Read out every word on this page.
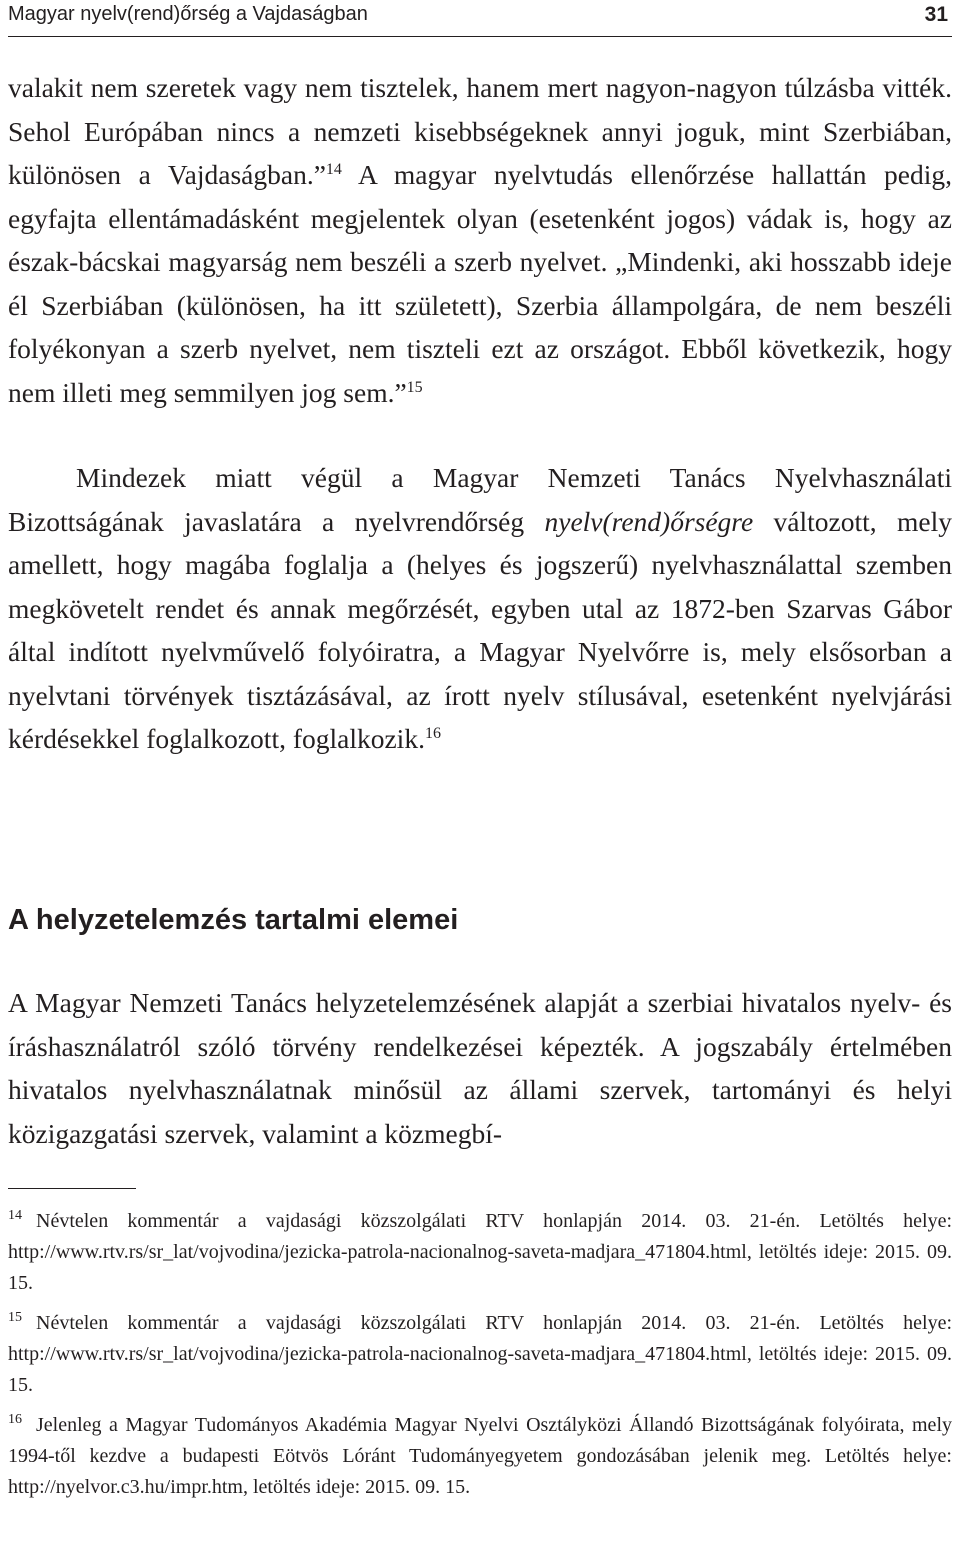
Magyar nyelv(rend)őrség a Vajdaságban	31

valakit nem szeretek vagy nem tisztelek, hanem mert nagyon-nagyon túlzásba vitték. Sehol Európában nincs a nemzeti kisebbségeknek annyi joguk, mint Szerbiában, különösen a Vajdaságban.”$^{14}$ A magyar nyelvtudás ellenőrzése hallattán pedig, egyfajta ellentámadásként megjelentek olyan (esetenként jogos) vádak is, hogy az észak-bácskai magyarság nem beszéli a szerb nyelvet. „Mindenki, aki hosszabb ideje él Szerbiában (különösen, ha itt született), Szerbia állampolgára, de nem beszéli folyékonyan a szerb nyelvet, nem tiszteli ezt az országot. Ebből következik, hogy nem illeti meg semmilyen jog sem.”$^{15}$

Mindezek miatt végül a Magyar Nemzeti Tanács Nyelvhasználati Bizottságának javaslatára a nyelvrendőrség nyelv(rend)őrségre változott, mely amellett, hogy magába foglalja a (helyes és jogszerű) nyelvhasználattal szemben megkövetelt rendet és annak megőrzését, egyben utal az 1872-ben Szarvas Gábor által indított nyelvművelő folyóiratra, a Magyar Nyelvőrre is, mely elsősorban a nyelvtani törvények tisztázásával, az írott nyelv stílusával, esetenként nyelvjárási kérdésekkel foglalkozott, foglalkozik.$^{16}$

A helyzetelemzés tartalmi elemei

A Magyar Nemzeti Tanács helyzetelemzésének alapját a szerbiai hivatalos nyelv- és íráshasználatról szóló törvény rendelkezései képezték. A jogszabály értelmében hivatalos nyelvhasználatnak minősül az állami szervek, tartományi és helyi közigazgatási szervek, valamint a közmegbí-

$^{14}$ Névtelen kommentár a vajdasági közszolgálati RTV honlapján 2014. 03. 21-én. Letöltés helye: http://www.rtv.rs/sr_lat/vojvodina/jezicka-patrola-nacionalnog-saveta-madjara_471804.html, letöltés ideje: 2015. 09. 15.

$^{15}$ Névtelen kommentár a vajdasági közszolgálati RTV honlapján 2014. 03. 21-én. Letöltés helye: http://www.rtv.rs/sr_lat/vojvodina/jezicka-patrola-nacionalnog-saveta-madjara_471804.html, letöltés ideje: 2015. 09. 15.

$^{16}$ Jelenleg a Magyar Tudományos Akadémia Magyar Nyelvi Osztályközi Állandó Bizottságának folyóirata, mely 1994-től kezdve a budapesti Eötvös Lóránt Tudományegyetem gondozásában jelenik meg. Letöltés helye: http://nyelvor.c3.hu/impr.htm, letöltés ideje: 2015. 09. 15.
